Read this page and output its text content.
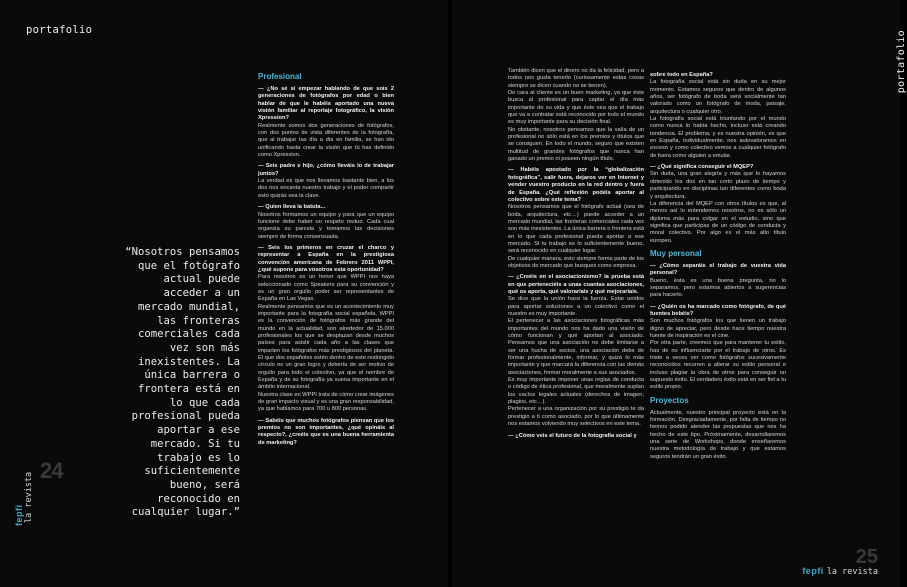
portafolio
“Nosotros pensamos que el fotógrafo actual puede acceder a un mercado mundial, las fronteras comerciales cada vez son más inexistentes. La única barrera o frontera está en lo que cada profesional pueda aportar a ese mercado. Si tu trabajo es lo suficientemente bueno, será reconocido en cualquier lugar.”
la revista
fepfi
24
Profesional

— ¿No sé si empezar hablando de que sois 2 generaciones de fotógrafos por edad o bien hablar de que le habéis aportado una nueva visión familiar al reportaje fotográfico, la visión Xpression?

Realmente somos dos generaciones de fotógrafos, con dos puntos de vista diferentes de la fotografía, que al trabajar tas día a día en familia, se han ido unificando hasta crear la visión que tú has definido como Xpression.

— Seis padre e hijo, ¿cómo lleváis lo de trabajar juntos?

La verdad es que nos llevamos bastante bien, a los dos nos encanta nuestro trabajo y el poder compartir esto quizás sea la clave.

— Quien lleva la batuta...

Nosotros formamos un equipo y para que un equipo funcione debe haber un respeto mutuo. Cada cual organiza su parcela y tomamos las decisiones siempre de forma consensuada.

— Seis los primeros en cruzar el charco y representar a España en la prestigiosa convención americana de Febrero 2011 WPPI, ¿qué supone para vosotros esta oportunidad?

Para nosotros es un honor que WPPI nos haya seleccionado como Speakers para su convención y es un gran orgullo poder ser representantes de España en Las Vegas.

Realmente pensamos que es un acontecimiento muy importante para la fotografía social española, WPPI es la convención de fotógrafos más grande del mundo en la actualidad, son alrededor de 15.000 profesionales los que se desplazan desde muchos países para asistir cada año a las clases que imparten los fotógrafos más prestigiosos del planeta. El que dos españoles estén dentro de este restringido círculo es un gran logro y debería de ser motivo de orgullo para todo el colectivo, ya que el nombre de España y de su fotografía ya suena importante en el ámbito internacional.

Nuestra clase en WPPI trata de cómo crear imágenes de gran impacto visual y es una gran responsabilidad, ya que hablamos para 700 u 800 personas.

— Sabéis que muchos fotógrafos piensan que los premios no son importantes, ¿qué opináis al respecto?, ¿creéis que es una buena herramienta de marketing?

portafolio
25
fepfi la revista

También dicen que el dinero no da la felicidad, pero a todos nos gusta tenerlo (curiosamente estas cosas siempre se dicen cuando no se tienen).

De cara al cliente es un buen marketing, ya que éste busca al profesional para captar el día más importante de su vida y que éste vea que el trabajo que va a contratar está reconocido por todo el mundo es muy importante para su decisión final.

No obstante, nosotros pensamos que la valía de un profesional no sólo está en los premios y títulos que se consiguen. En todo el mundo, seguro que existen multitud de grandes fotógrafos que nunca han ganado un premio ni poseen ningún título.

— Habéis apostado por la “globalización fotográfica”, salir fuera, dejaros ver en Internet y vender vuestro producto en la red dentro y fuera de España. ¿Qué reflexión podéis aportar al colectivo sobre este tema?

Nosotros pensamos que el fotógrafo actual (sea de boda, arquitectura, etc…) puede acceder a un mercado mundial, las fronteras comerciales cada vez son más inexistentes. La única barrera o frontera está en lo que cada profesional pueda aportar a ese mercado. Si tu trabajo es lo suficientemente bueno, será reconocido en cualquier lugar.

De cualquier manera, esto siempre forma parte de los objetivos de mercado que busques como empresa.

— ¿Creéis en el asociacionismo? la prueba está en que perteneciéis a unas cuantas asociaciones, qué os aporta, qué valoraríais y qué mejoraríais.

Se dice que la unión hace la fuerza. Estar unidos para aportar soluciones a un colectivo como el nuestro es muy importante.

El pertenecer a las asociaciones fotográficas más importantes del mundo nos ha dado una visión de cómo funcionan y qué aportan al asociado. Pensamos que una asociación no debe limitarse a ser una hucha de socios, una asociación debe de formar profesionalmente, informar, y quizá lo más importante y que marcará la diferencia con las demás asociaciones, formar moralmente a sus asociados.

Es muy importante imponer unas reglas de conducta o código de ética profesional, que moralmente suplan los vacíos legales actuales (derechos de imagen, plagios, etc…).

Pertenecer a una organización por su prestigio te da prestigio a ti como asociado, por lo que últimamente nos estamos volviendo muy selectivos en este tema.

— ¿Cómo veis el futuro de la fotografía social y

sobre todo en España?

La fotografía social está sin duda en su mejor momento. Estamos seguros que dentro de algunos años, ser fotógrafo de boda será socialmente tan valorado como un fotógrafo de moda, paisaje, arquitectura o cualquier otro.

La fotografía social está triunfando por el mundo como nunca lo había hecho, incluso está creando tendencia. El problema, y es nuestra opinión, es que en España, individualmente, nos autovaloramos en exceso y como colectivo vemos a cualquier fotógrafo de fuera como alguien a emular.

— ¿Qué significa conseguir el MQEP?

Sin duda, una gran alegría y más que lo hayamos obtenido los dos en tan corto plazo de tiempo y participando en disciplinas tan diferentes como boda y arquitectura.

La diferencia del MQEP con otros títulos es que, al menos así lo entendemos nosotros, no es sólo un diploma más para colgar en el estudio, sino que significa que participas de un código de conducta y moral colectivo. Por algo es el más alto título europeo.

Muy personal

— ¿Cómo separáis el trabajo de vuestra vida personal?

Bueno, ésta es una buena pregunta, no lo separamos, pero estamos abiertos a sugerencias para hacerlo.

— ¿Quién os ha marcado como fotógrafo, de qué fuentes bebéis?

Son muchos fotógrafos los que tienen un trabajo digno de apreciar, pero desde hace tiempo nuestra fuente de inspiración es el cine.

Por otra parte, creemos que para mantener tu estilo, has de no influenciarte por el trabajo de otros. Es triste a veces ver como fotógrafos sucesivamente reconocidos recurren a alterar su estilo personal e incluso plagiar la obra de otros para conseguir un supuesto éxito. El verdadero éxito está en ser fiel a tu estilo propio.

Proyectos

Actualmente, nuestro principal proyecto está en la formación. Desgraciadamente, por falta de tiempo no hemos podido atender las propuestas que nos ha hecho de este tipo. Próximamente, desarrollaremos una serie de Workshops, donde enseñaremos nuestra metodología de trabajo y que estamos seguros tendrán un gran éxito.
